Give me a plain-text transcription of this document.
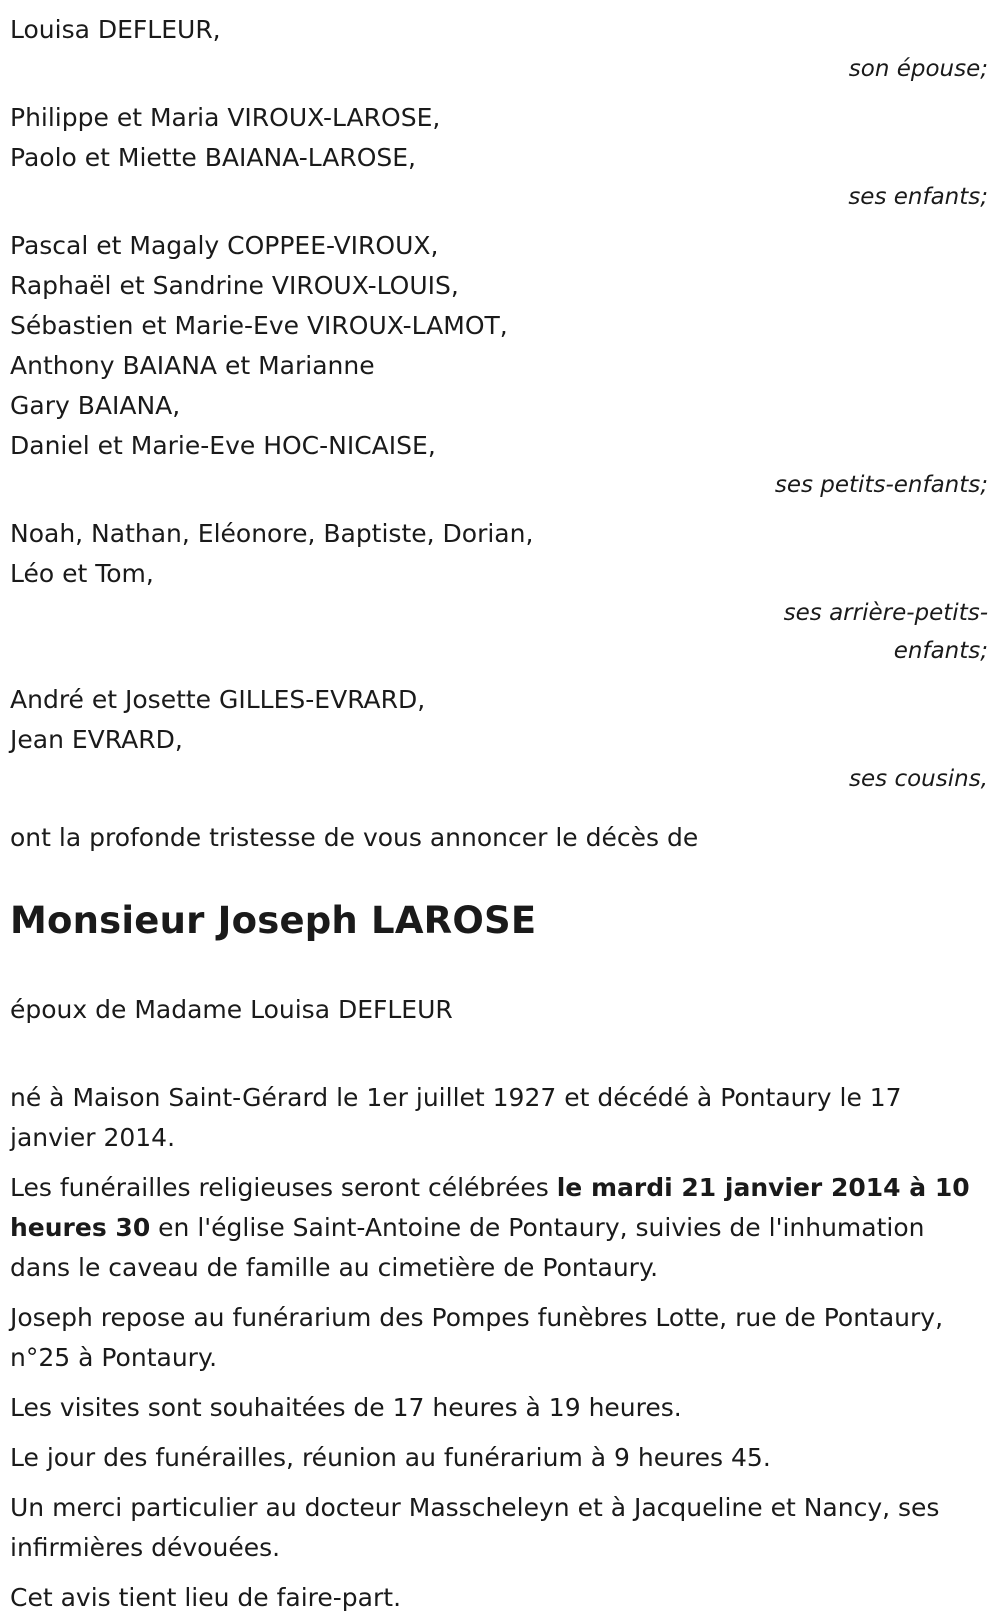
Louisa DEFLEUR,
son épouse;
Philippe et Maria VIROUX-LAROSE,
Paolo et Miette BAIANA-LAROSE,
ses enfants;
Pascal et Magaly COPPEE-VIROUX,
Raphaël et Sandrine VIROUX-LOUIS,
Sébastien et Marie-Eve VIROUX-LAMOT,
Anthony BAIANA et Marianne
Gary BAIANA,
Daniel et Marie-Eve HOC-NICAISE,
ses petits-enfants;
Noah, Nathan, Eléonore, Baptiste, Dorian,
Léo et Tom,
ses arrière-petits-
enfants;
André et Josette GILLES-EVRARD,
Jean EVRARD,
ses cousins,
ont la profonde tristesse de vous annoncer le décès de
Monsieur Joseph LAROSE
époux de Madame Louisa DEFLEUR
né à Maison Saint-Gérard le 1er juillet 1927 et décédé à Pontaury le 17 janvier 2014.
Les funérailles religieuses seront célébrées le mardi 21 janvier 2014 à 10 heures 30 en l'église Saint-Antoine de Pontaury, suivies de l'inhumation dans le caveau de famille au cimetière de Pontaury.
Joseph repose au funérarium des Pompes funèbres Lotte, rue de Pontaury, n°25 à Pontaury.
Les visites sont souhaitées de 17 heures à 19 heures.
Le jour des funérailles, réunion au funérarium à 9 heures 45.
Un merci particulier au docteur Masscheleyn et à Jacqueline et Nancy, ses infirmières dévouées.
Cet avis tient lieu de faire-part.
